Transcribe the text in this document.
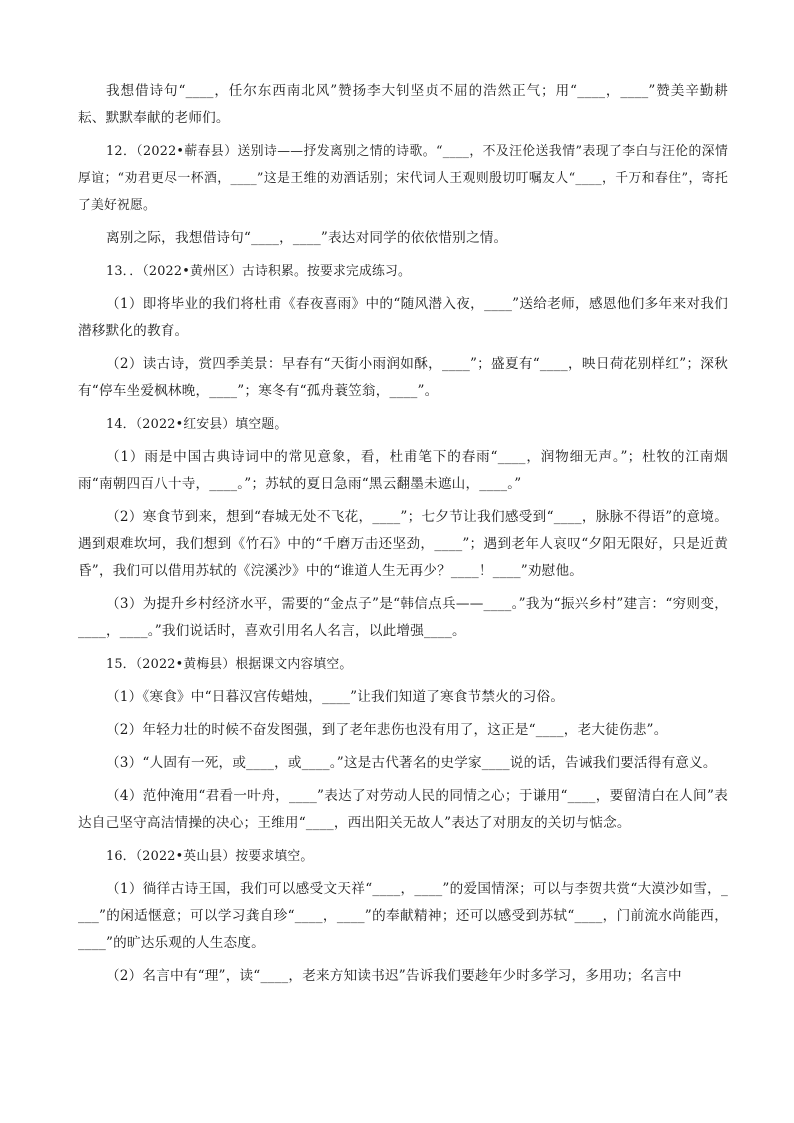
我想借诗句“____，任尔东西南北风”赞扬李大钊坚贞不屈的浩然正气；用“____，____”赞美辛勤耕耘、默默奉献的老师们。

12．（2022•蕲春县）送别诗——抒发离别之情的诗歌。“____，不及汪伦送我情”表现了李白与汪伦的深情厚谊；“劝君更尽一杯酒，____”这是王维的劝酒话别；宋代词人王观则殷切叮嘱友人“____，千万和春住”，寄托了美好祝愿。

离别之际，我想借诗句“____，____”表达对同学的依依惜别之情。

13．．（2022•黄州区）古诗积累。按要求完成练习。

（1）即将毕业的我们将杜甫《春夜喜雨》中的“随风潜入夜，____”送给老师，感恩他们多年来对我们潜移默化的教育。

（2）读古诗，赏四季美景：早春有“天街小雨润如酥，____”；盛夏有“____，映日荷花别样红”；深秋有“停车坐爱枫林晚，____”；寒冬有“孤舟蓑笠翁，____”。

14．（2022•红安县）填空题。

（1）雨是中国古典诗词中的常见意象，看，杜甫笔下的春雨“____，润物细无声。”；杜牧的江南烟雨“南朝四百八十寺，____。”；苏轼的夏日急雨“黑云翻墨未遮山，____。”

（2）寒食节到来，想到“春城无处不飞花，____”；七夕节让我们感受到“____，脉脉不得语”的意境。遇到艰难坎坷，我们想到《竹石》中的“千磨万击还坚劲，____”；遇到老年人哀叹“夕阳无限好，只是近黄昏”，我们可以借用苏轼的《浣溪沙》中的“谁道人生无再少？____！____”劝慰他。

（3）为提升乡村经济水平，需要的“金点子”是“韩信点兵——____。”我为“振兴乡村”建言：“穷则变，____，____。”我们说话时，喜欢引用名人名言，以此增强____。

15．（2022•黄梅县）根据课文内容填空。

（1）《寒食》中“日暮汉宫传蜡烛，____”让我们知道了寒食节禁火的习俗。

（2）年轻力壮的时候不奋发图强，到了老年悲伤也没有用了，这正是“____，老大徒伤悲”。

（3）“人固有一死，或____，或____。”这是古代著名的史学家____说的话，告诫我们要活得有意义。

（4）范仲淹用“君看一叶舟，____”表达了对劳动人民的同情之心；于谦用“____，要留清白在人间”表达自己坚守高洁情操的决心；王维用“____，西出阳关无故人”表达了对朋友的关切与惦念。

16．（2022•英山县）按要求填空。

（1）徜徉古诗王国，我们可以感受文天祥“____，____”的爱国情深；可以与李贺共赏“大漠沙如雪，____”的闲适惬意；可以学习龚自珍“____，____”的奉献精神；还可以感受到苏轼“____，门前流水尚能西，____”的旷达乐观的人生态度。

（2）名言中有“理”，读“____，老来方知读书迟”告诉我们要趁年少时多学习，多用功；名言中
